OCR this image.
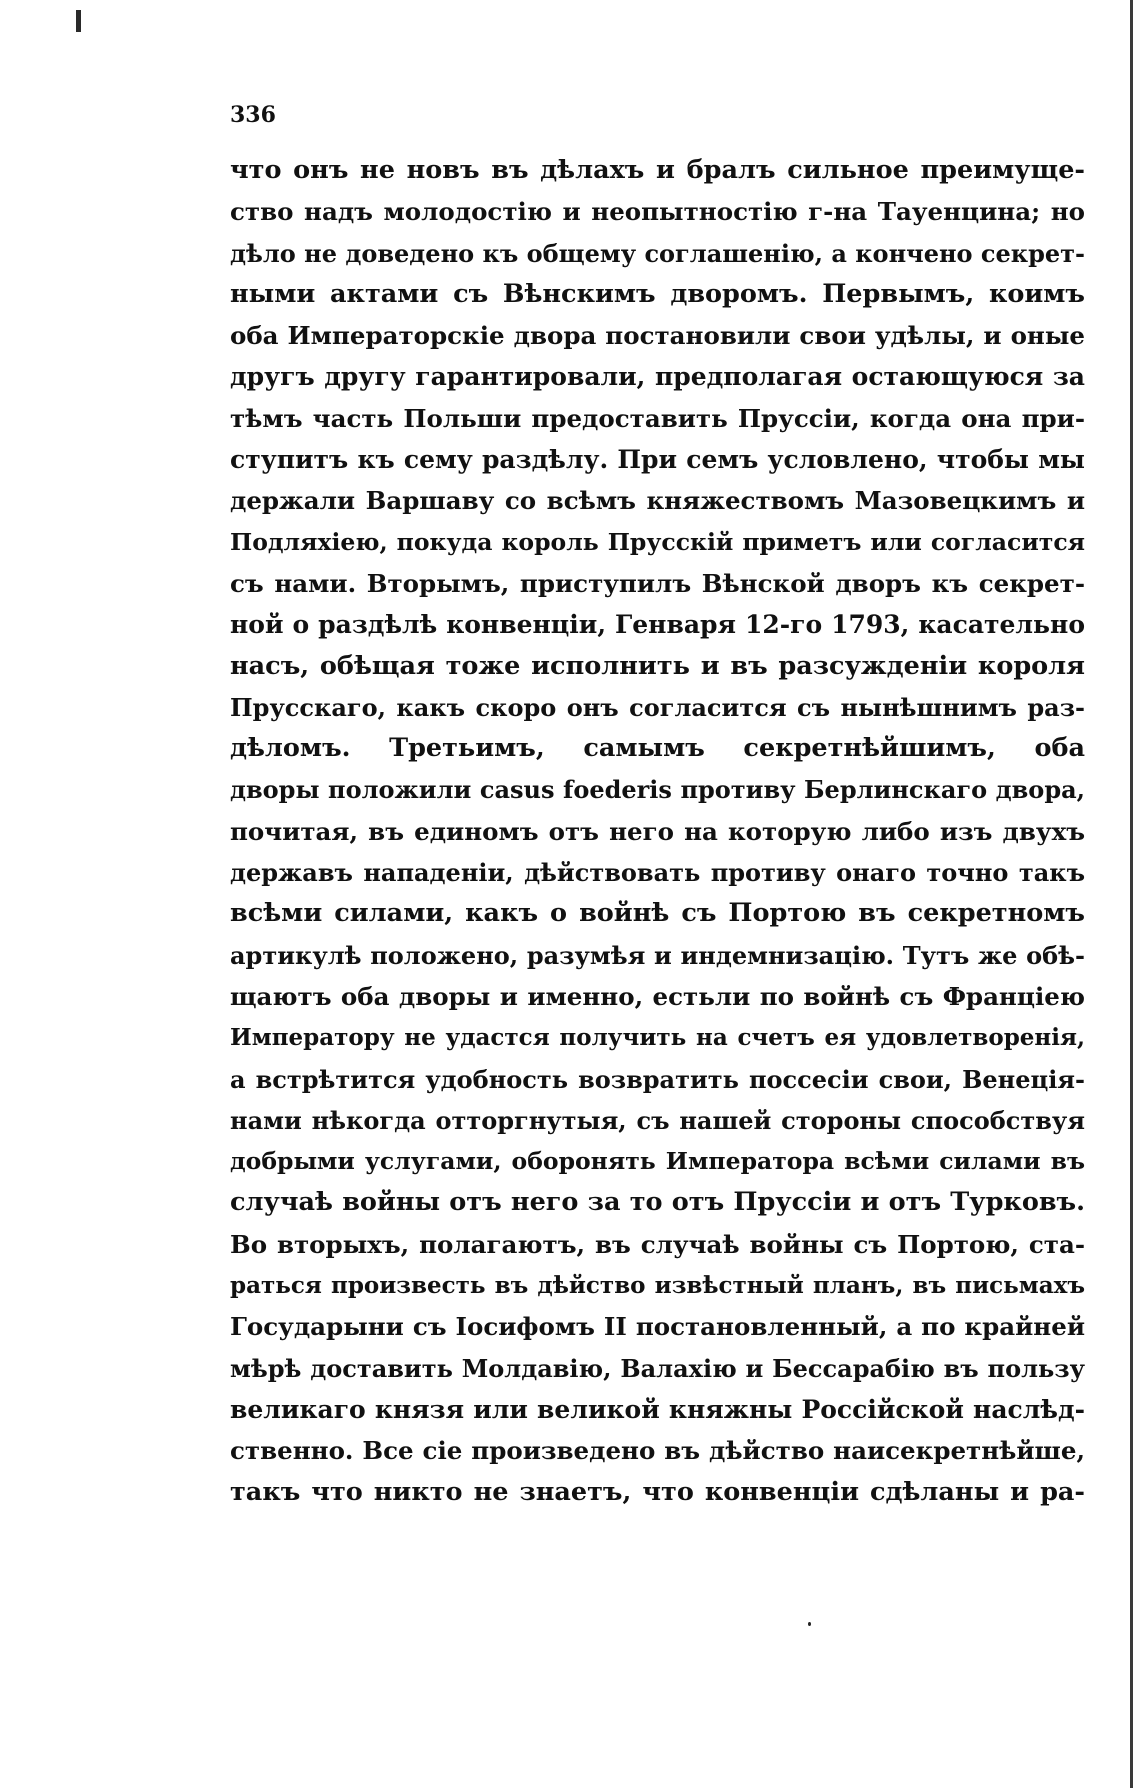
336
что онъ не новъ въ дѣлахъ и бралъ сильное преимуще-
ство надъ молодостію и неопытностію г-на Тауенцина; но
дѣло не доведено къ общему соглашенію, а кончено секрет-
ными актами съ Вѣнскимъ дворомъ. Первымъ, коимъ
оба Императорскіе двора постановили свои удѣлы, и оные
другъ другу гарантировали, предполагая остающуюся за
тѣмъ часть Польши предоставить Пруссіи, когда она при-
ступитъ къ сему раздѣлу. При семъ условлено, чтобы мы
держали Варшаву со всѣмъ княжествомъ Мазовецкимъ и
Подляхіею, покуда король Прусскій приметъ или согласится
съ нами. Вторымъ, приступилъ Вѣнской дворъ къ секрет-
ной о раздѣлѣ конвенціи, Генваря 12-го 1793, касательно
насъ, обѣщая тоже исполнить и въ разсужденіи короля
Прусскаго, какъ скоро онъ согласится съ нынѣшнимъ раз-
дѣломъ. Третьимъ, самымъ секретнѣйшимъ, оба
дворы положили casus foederis противу Берлинскаго двора,
почитая, въ единомъ отъ него на которую либо изъ двухъ
державъ нападеніи, дѣйствовать противу онаго точно такъ
всѣми силами, какъ о войнѣ съ Портою въ секретномъ
артикулѣ положено, разумѣя и индемнизацію. Тутъ же обѣ-
щаютъ оба дворы и именно, естьли по войнѣ съ Франціею
Императору не удастся получить на счетъ ея удовлетворенія,
а встрѣтится удобность возвратить поссесіи свои, Венеція-
нами нѣкогда отторгнутыя, съ нашей стороны способствуя
добрыми услугами, оборонять Императора всѣми силами въ
случаѣ войны отъ него за то отъ Пруссіи и отъ Турковъ.
Во вторыхъ, полагаютъ, въ случаѣ войны съ Портою, ста-
раться произвесть въ дѣйство извѣстный планъ, въ письмахъ
Государыни съ Іосифомъ II постановленный, а по крайней
мѣрѣ доставить Молдавію, Валахію и Бессарабію въ пользу
великаго князя или великой княжны Россійской наслѣд-
ственно. Все сіе произведено въ дѣйство наисекретнѣйше,
такъ что никто не знаетъ, что конвенціи сдѣланы и ра-
